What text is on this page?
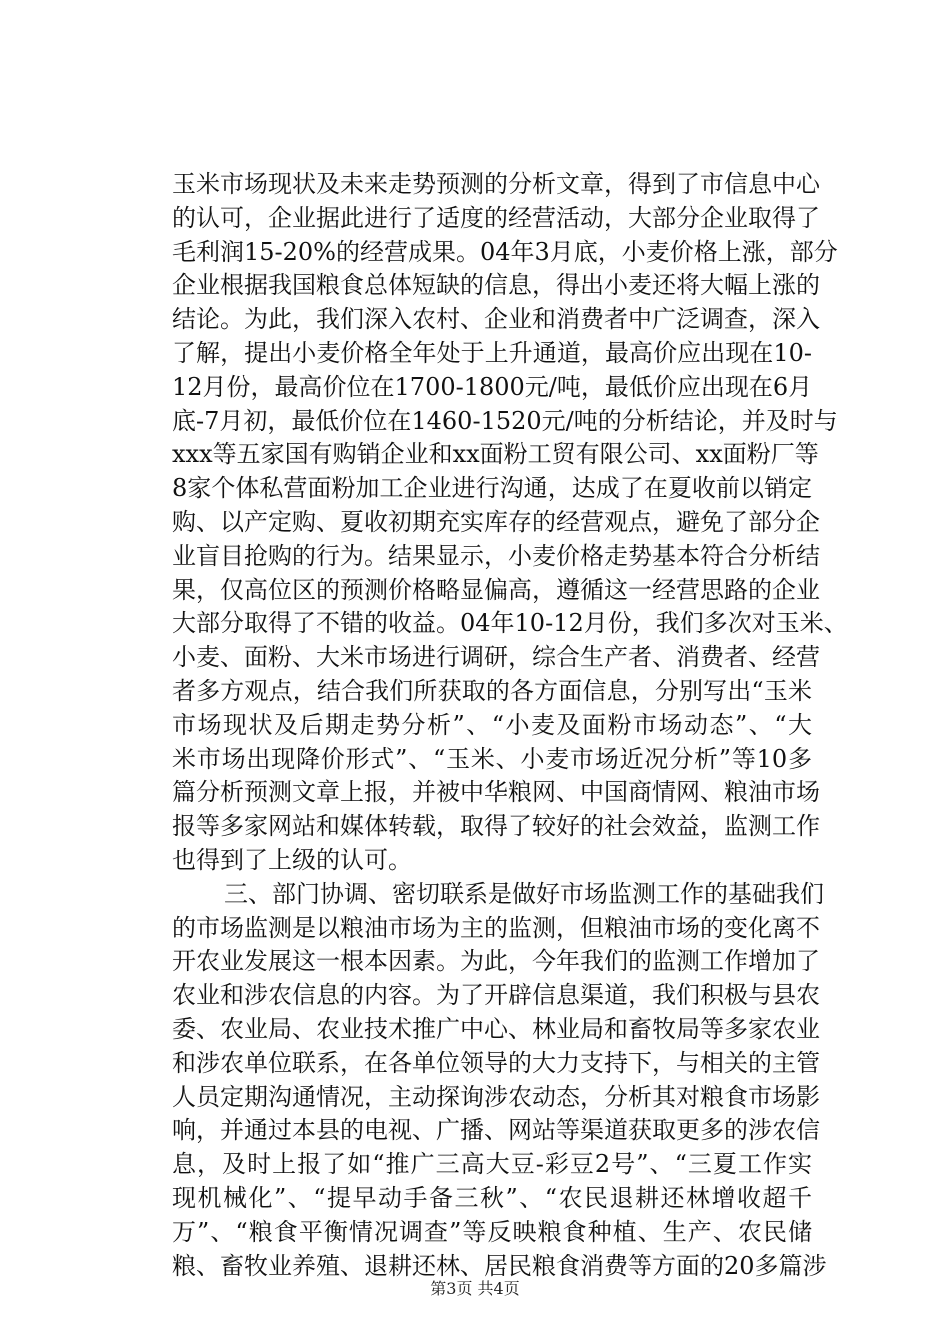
玉米市场现状及未来走势预测的分析文章，得到了市信息中心
的认可，企业据此进行了适度的经营活动，大部分企业取得了
毛利润15-20%的经营成果。04年3月底，小麦价格上涨，部分
企业根据我国粮食总体短缺的信息，得出小麦还将大幅上涨的
结论。为此，我们深入农村、企业和消费者中广泛调查，深入
了解，提出小麦价格全年处于上升通道，最高价应出现在10-
12月份，最高价位在1700-1800元/吨，最低价应出现在6月
底-7月初，最低价位在1460-1520元/吨的分析结论，并及时与
xxx等五家国有购销企业和xx面粉工贸有限公司、xx面粉厂等
8家个体私营面粉加工企业进行沟通，达成了在夏收前以销定
购、以产定购、夏收初期充实库存的经营观点，避免了部分企
业盲目抢购的行为。结果显示，小麦价格走势基本符合分析结
果，仅高位区的预测价格略显偏高，遵循这一经营思路的企业
大部分取得了不错的收益。04年10-12月份，我们多次对玉米、
小麦、面粉、大米市场进行调研，综合生产者、消费者、经营
者多方观点，结合我们所获取的各方面信息，分别写出“玉米
市场现状及后期走势分析”、“小麦及面粉市场动态”、“大
米市场出现降价形式”、“玉米、小麦市场近况分析”等10多
篇分析预测文章上报，并被中华粮网、中国商情网、粮油市场
报等多家网站和媒体转载，取得了较好的社会效益，监测工作
也得到了上级的认可。
三、部门协调、密切联系是做好市场监测工作的基础我们
的市场监测是以粮油市场为主的监测，但粮油市场的变化离不
开农业发展这一根本因素。为此，今年我们的监测工作增加了
农业和涉农信息的内容。为了开辟信息渠道，我们积极与县农
委、农业局、农业技术推广中心、林业局和畜牧局等多家农业
和涉农单位联系，在各单位领导的大力支持下，与相关的主管
人员定期沟通情况，主动探询涉农动态，分析其对粮食市场影
响，并通过本县的电视、广播、网站等渠道获取更多的涉农信
息，及时上报了如“推广三高大豆-彩豆2号”、“三夏工作实
现机械化”、“提早动手备三秋”、“农民退耕还林增收超千
万”、“粮食平衡情况调查”等反映粮食种植、生产、农民储
粮、畜牧业养殖、退耕还林、居民粮食消费等方面的20多篇涉
第3页 共4页
